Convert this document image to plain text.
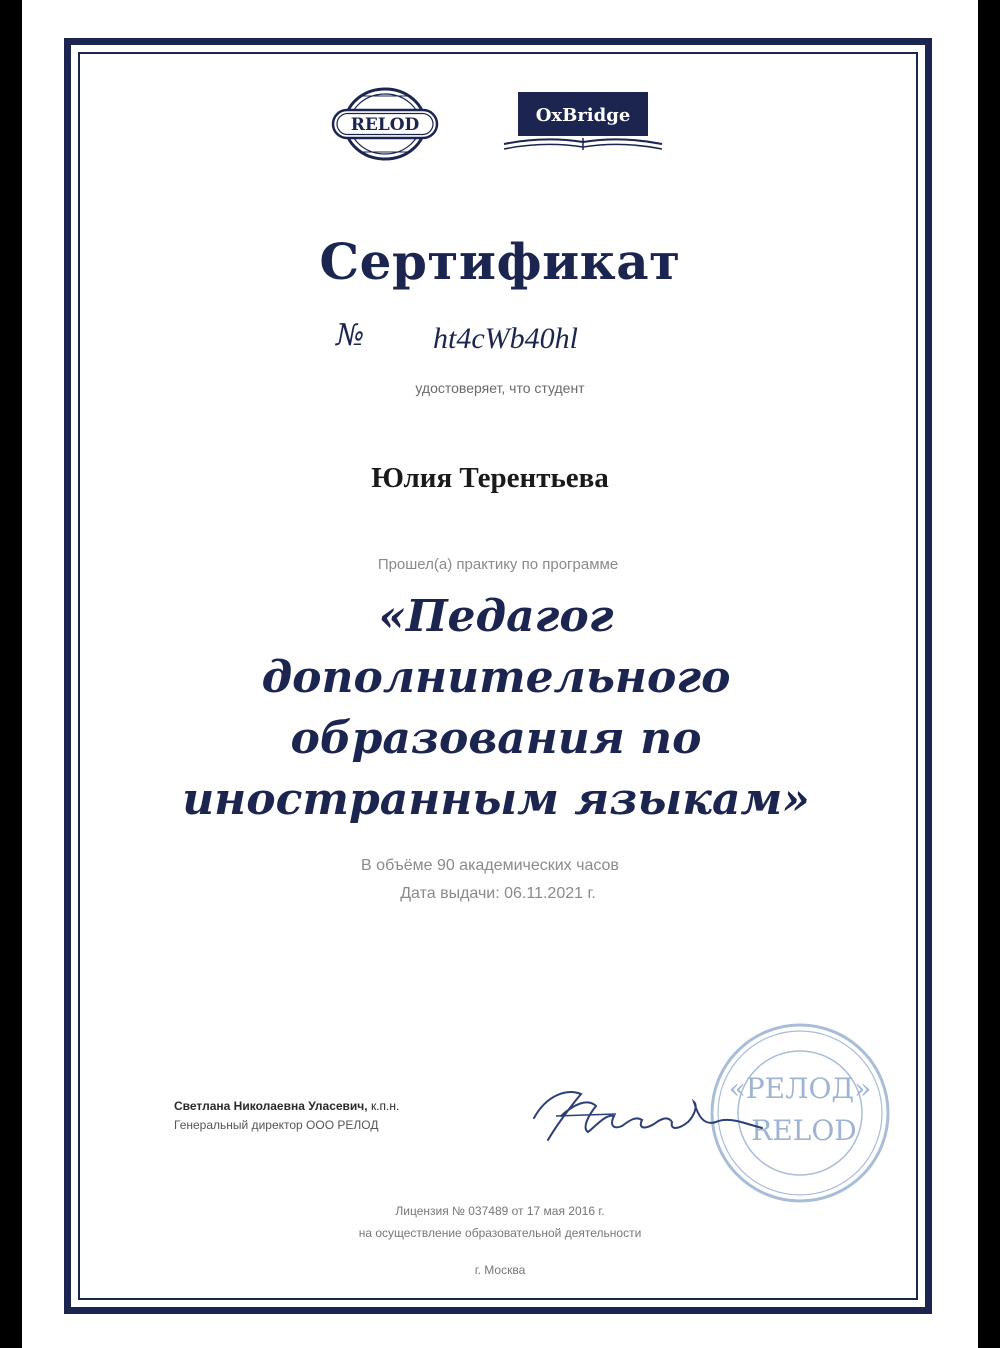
RELOD	OxBridge
Сертификат
№ ht4cWb40hl
удостоверяет, что студент
Юлия Терентьева
Прошел(а) практику по программе
«Педагог
дополнительного
образования по
иностранным языкам»
В объёме 90 академических часов
Дата выдачи: 06.11.2021 г.
Светлана Николаевна Уласевич, к.п.н.
Генеральный директор ООО РЕЛОД
«РЕЛОД»
RELOD
Лицензия № 037489 от 17 мая 2016 г.
на осуществление образовательной деятельности
г. Москва
